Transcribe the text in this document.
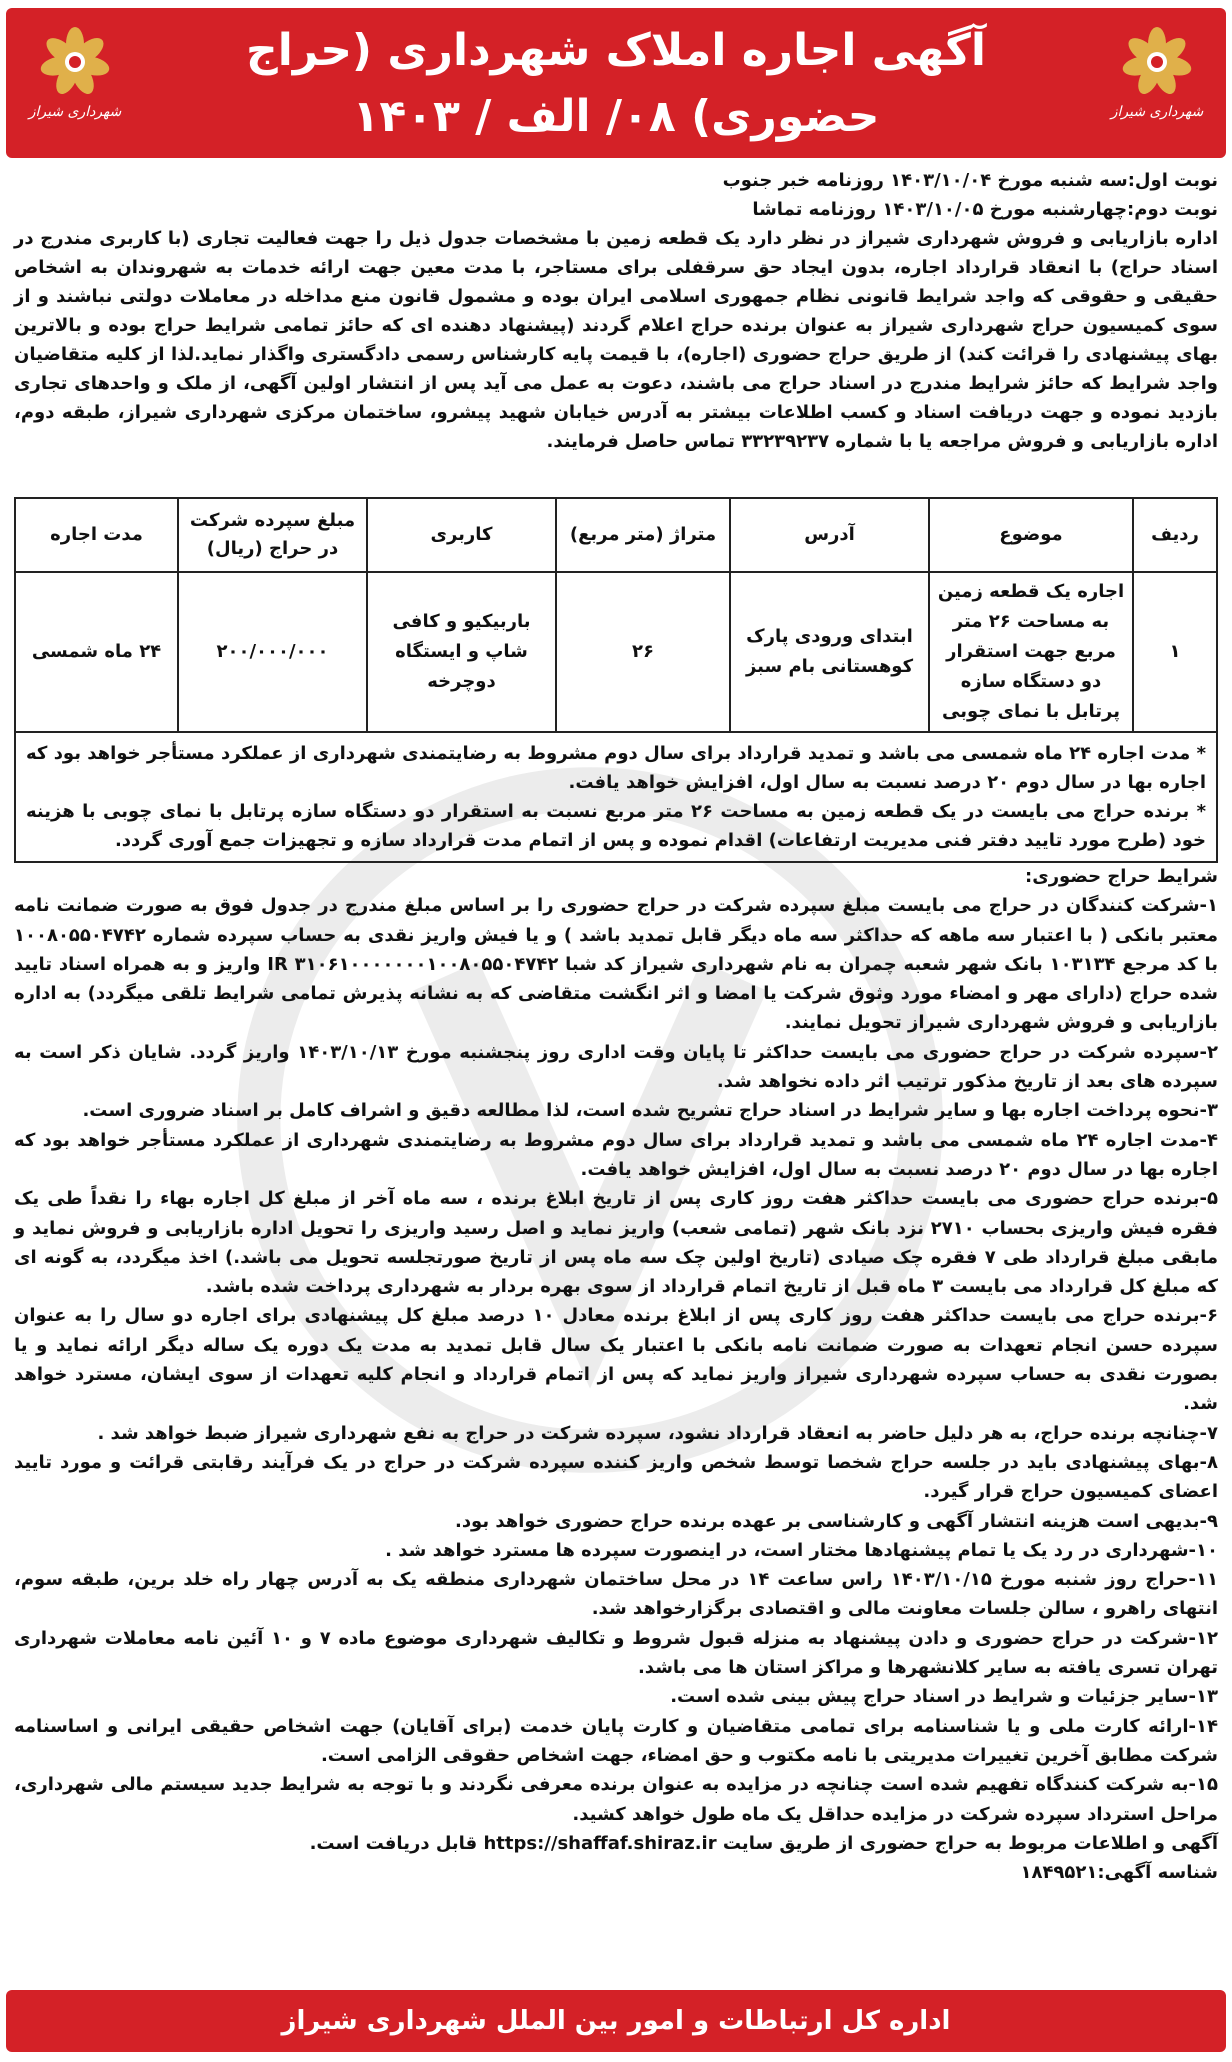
شهرداری شیراز
شهرداری شیراز
آگهی اجاره املاک شهرداری (حراج حضوری) ۰۸/ الف / ۱۴۰۳
۱۲۶۹-۱۴۰۳

نوبت اول:سه شنبه مورخ ۱۴۰۳/۱۰/۰۴ روزنامه خبر جنوب

نوبت دوم:چهارشنبه مورخ ۱۴۰۳/۱۰/۰۵ روزنامه تماشا

اداره بازاریابی و فروش شهرداری شیراز در نظر دارد یک قطعه زمین با مشخصات جدول ذیل را جهت فعالیت تجاری (با کاربری مندرج در اسناد حراج) با انعقاد قرارداد اجاره، بدون ایجاد حق سرقفلی برای مستاجر، با مدت معین جهت ارائه خدمات به شهروندان به اشخاص حقیقی و حقوقی که واجد شرایط قانونی نظام جمهوری اسلامی ایران بوده و مشمول قانون منع مداخله در معاملات دولتی نباشند و از سوی کمیسیون حراج شهرداری شیراز به عنوان برنده حراج اعلام گردند (پیشنهاد دهنده ای که حائز تمامی شرایط حراج بوده و بالاترین بهای پیشنهادی را قرائت کند) از طریق حراج حضوری (اجاره)، با قیمت پایه کارشناس رسمی دادگستری واگذار نماید.لذا از کلیه متقاضیان واجد شرایط که حائز شرایط مندرج در اسناد حراج می باشند، دعوت به عمل می آید پس از انتشار اولین آگهی، از ملک و واحدهای تجاری بازدید نموده و جهت دریافت اسناد و کسب اطلاعات بیشتر به آدرس خیابان شهید پیشرو، ساختمان مرکزی شهرداری شیراز، طبقه دوم، اداره بازاریابی و فروش مراجعه یا با شماره ۳۳۲۳۹۲۳۷ تماس حاصل فرمایند.

ردیف	موضوع	آدرس	متراژ (متر مربع)	کاربری	مبلغ سپرده شرکت در حراج (ریال)	مدت اجاره
۱	اجاره یک قطعه زمین به مساحت ۲۶ متر مربع جهت استقرار دو دستگاه سازه پرتابل با نمای چوبی	ابتدای ورودی پارک کوهستانی بام سبز	۲۶	باربیکیو و کافی شاپ و ایستگاه دوچرخه	۲۰۰/۰۰۰/۰۰۰	۲۴ ماه شمسی

* مدت اجاره ۲۴ ماه شمسی می باشد و تمدید قرارداد برای سال دوم مشروط به رضایتمندی شهرداری از عملکرد مستأجر خواهد بود که اجاره بها در سال دوم ۲۰ درصد نسبت به سال اول، افزایش خواهد یافت.

* برنده حراج می بایست در یک قطعه زمین به مساحت ۲۶ متر مربع نسبت به استقرار دو دستگاه سازه پرتابل با نمای چوبی با هزینه خود (طرح مورد تایید دفتر فنی مدیریت ارتفاعات) اقدام نموده و پس از اتمام مدت قرارداد سازه و تجهیزات جمع آوری گردد.						

شرایط حراج حضوری:

۱-شرکت کنندگان در حراج می بایست مبلغ سپرده شرکت در حراج حضوری را بر اساس مبلغ مندرج در جدول فوق به صورت ضمانت نامه معتبر بانکی ( با اعتبار سه ماهه که حداکثر سه ماه دیگر قابل تمدید باشد ) و یا فیش واریز نقدی به حساب سپرده شماره ۱۰۰۸۰۵۵۰۴۷۴۲ با کد مرجع ۱۰۳۱۳۴ بانک شهر شعبه چمران به نام شهرداری شیراز کد شبا IR ۳۱۰۶۱۰۰۰۰۰۰۰۱۰۰۸۰۵۵۰۴۷۴۲ واریز و به همراه اسناد تایید شده حراج (دارای مهر و امضاء مورد وثوق شرکت یا امضا و اثر انگشت متقاضی که به نشانه پذیرش تمامی شرایط تلقی میگردد) به اداره بازاریابی و فروش شهرداری شیراز تحویل نمایند.

۲-سپرده شرکت در حراج حضوری می بایست حداکثر تا پایان وقت اداری روز پنجشنبه مورخ ۱۴۰۳/۱۰/۱۳ واریز گردد. شایان ذکر است به سپرده های بعد از تاریخ مذکور ترتیب اثر داده نخواهد شد.

۳-نحوه پرداخت اجاره بها و سایر شرایط در اسناد حراج تشریح شده است، لذا مطالعه دقیق و اشراف کامل بر اسناد ضروری است.

۴-مدت اجاره ۲۴ ماه شمسی می باشد و تمدید قرارداد برای سال دوم مشروط به رضایتمندی شهرداری از عملکرد مستأجر خواهد بود که اجاره بها در سال دوم ۲۰ درصد نسبت به سال اول، افزایش خواهد یافت.

۵-برنده حراج حضوری می بایست حداکثر هفت روز کاری پس از تاریخ ابلاغ برنده ، سه ماه آخر از مبلغ کل اجاره بهاء را نقداً طی یک فقره فیش واریزی بحساب ۲۷۱۰ نزد بانک شهر (تمامی شعب) واریز نماید و اصل رسید واریزی را تحویل اداره بازاریابی و فروش نماید و مابقی مبلغ قرارداد طی ۷ فقره چک صیادی (تاریخ اولین چک سه ماه پس از تاریخ صورتجلسه تحویل می باشد.) اخذ میگردد، به گونه ای که مبلغ کل قرارداد می بایست ۳ ماه قبل از تاریخ اتمام قرارداد از سوی بهره بردار به شهرداری پرداخت شده باشد.

۶-برنده حراج می بایست حداکثر هفت روز کاری پس از ابلاغ برنده معادل ۱۰ درصد مبلغ کل پیشنهادی برای اجاره دو سال را به عنوان سپرده حسن انجام تعهدات به صورت ضمانت نامه بانکی با اعتبار یک سال قابل تمدید به مدت یک دوره یک ساله دیگر ارائه نماید و یا بصورت نقدی به حساب سپرده شهرداری شیراز واریز نماید که پس از اتمام قرارداد و انجام کلیه تعهدات از سوی ایشان، مسترد خواهد شد.

۷-چنانچه برنده حراج، به هر دلیل حاضر به انعقاد قرارداد نشود، سپرده شرکت در حراج به نفع شهرداری شیراز ضبط خواهد شد .

۸-بهای پیشنهادی باید در جلسه حراج شخصا توسط شخص واریز کننده سپرده شرکت در حراج در یک فرآیند رقابتی قرائت و مورد تایید اعضای کمیسیون حراج قرار گیرد.

۹-بدیهی است هزینه انتشار آگهی و کارشناسی بر عهده برنده حراج حضوری خواهد بود.

۱۰-شهرداری در رد یک یا تمام پیشنهادها مختار است، در اینصورت سپرده ها مسترد خواهد شد .

۱۱-حراج روز شنبه مورخ ۱۴۰۳/۱۰/۱۵ راس ساعت ۱۴ در محل ساختمان شهرداری منطقه یک به آدرس چهار راه خلد برین، طبقه سوم، انتهای راهرو ، سالن جلسات معاونت مالی و اقتصادی برگزارخواهد شد.

۱۲-شرکت در حراج حضوری و دادن پیشنهاد به منزله قبول شروط و تکالیف شهرداری موضوع ماده ۷ و ۱۰ آئین نامه معاملات شهرداری تهران تسری یافته به سایر کلانشهرها و مراکز استان ها می باشد.

۱۳-سایر جزئیات و شرایط در اسناد حراج پیش بینی شده است.

۱۴-ارائه کارت ملی و یا شناسنامه برای تمامی متقاضیان و کارت پایان خدمت (برای آقایان) جهت اشخاص حقیقی ایرانی و اساسنامه شرکت مطابق آخرین تغییرات مدیریتی با نامه مکتوب و حق امضاء، جهت اشخاص حقوقی الزامی است.

۱۵-به شرکت کنندگاه تفهیم شده است چنانچه در مزایده به عنوان برنده معرفی نگردند و با توجه به شرایط جدید سیستم مالی شهرداری، مراحل استرداد سپرده شرکت در مزایده حداقل یک ماه طول خواهد کشید.

آگهی و اطلاعات مربوط به حراج حضوری از طریق سایت https://shaffaf.shiraz.ir قابل دریافت است.

شناسه آگهی:۱۸۴۹۵۲۱

اداره کل ارتباطات و امور بین الملل شهرداری شیراز
